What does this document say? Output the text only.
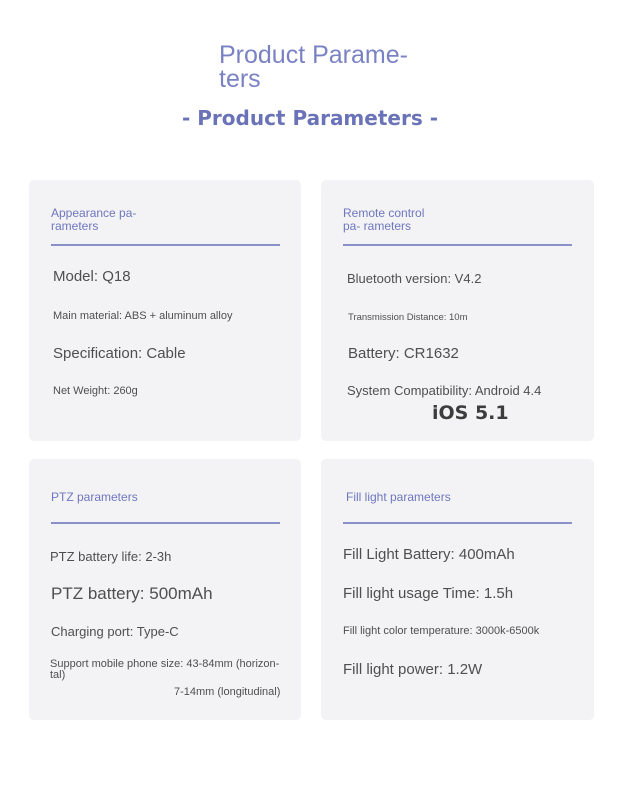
Product Parame- ters
- Product Parameters -
Appearance pa- rameters
Model: Q18
Main material: ABS + aluminum alloy
Specification: Cable
Net Weight: 260g
Remote control pa- rameters
Bluetooth version: V4.2
Transmission Distance: 10m
Battery: CR1632
System Compatibility: Android 4.4
iOS 5.1
PTZ parameters
PTZ battery life: 2-3h
PTZ battery: 500mAh
Charging port: Type-C
Support mobile phone size: 43-84mm (horizon- tal)
7-14mm (longitudinal)
Fill light parameters
Fill Light Battery: 400mAh
Fill light usage Time: 1.5h
Fill light color temperature: 3000k-6500k
Fill light power: 1.2W
